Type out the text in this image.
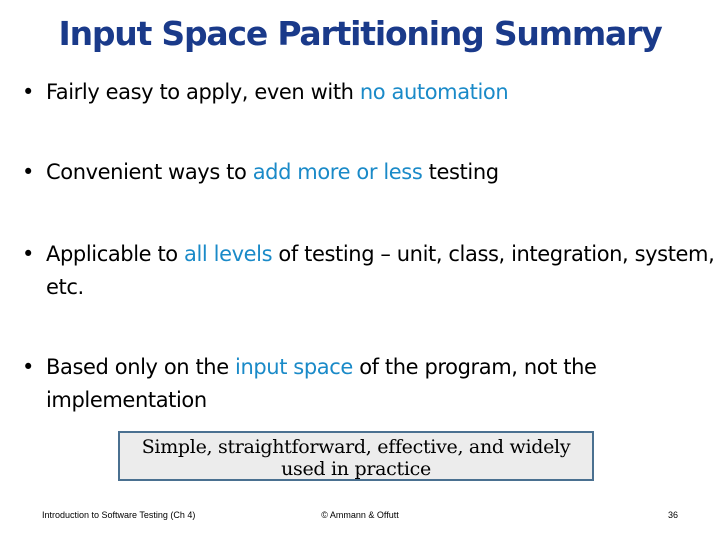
Input Space Partitioning Summary
• Fairly easy to apply, even with no automation
• Convenient ways to add more or less testing
• Applicable to all levels of testing – unit, class, integration, system, etc.
• Based only on the input space of the program, not the implementation
Simple, straightforward, effective, and widely
used in practice
Introduction to Software Testing (Ch 4)	© Ammann & Offutt	36
